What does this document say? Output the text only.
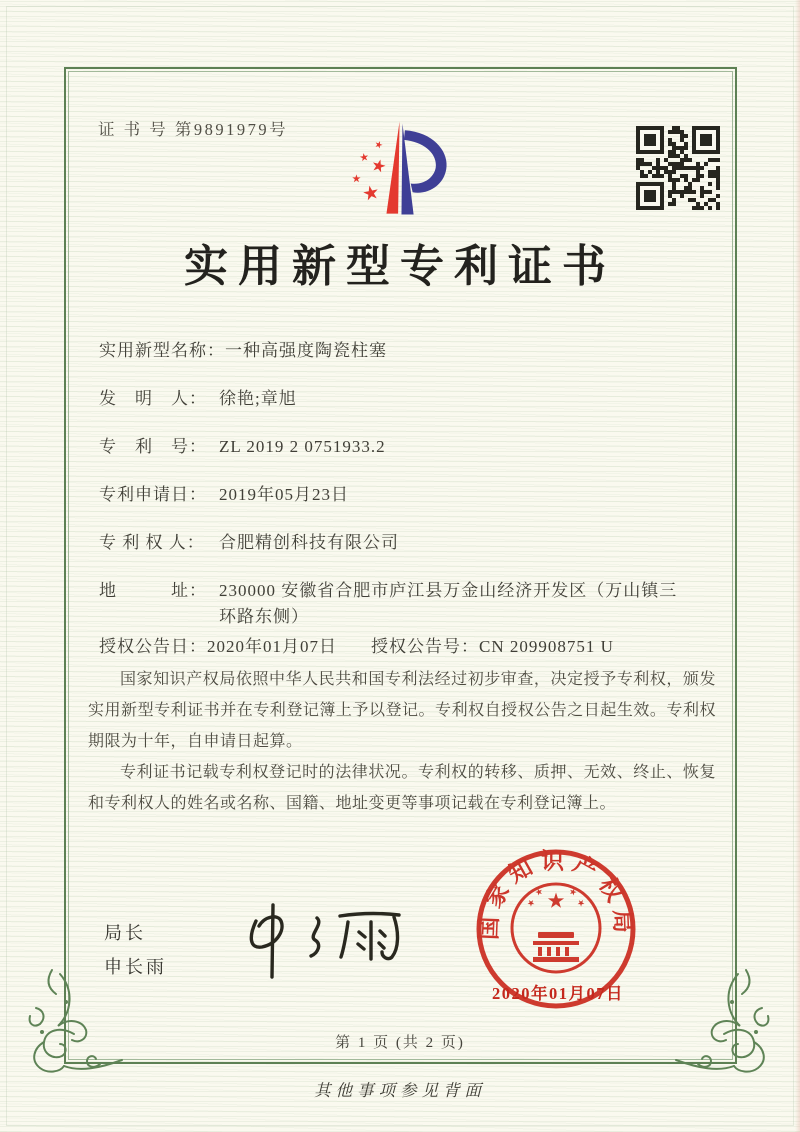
证 书 号 第9891979号
实用新型专利证书
实用新型名称： 一种高强度陶瓷柱塞
发　明　人： 徐艳;章旭
专　利　号： ZL 2019 2 0751933.2
专利申请日： 2019年05月23日
专 利 权 人： 合肥精创科技有限公司
地　　　址： 230000 安徽省合肥市庐江县万金山经济开发区（万山镇三环路东侧）
授权公告日：2020年01月07日	授权公告号：CN 209908751 U

国家知识产权局依照中华人民共和国专利法经过初步审查，决定授予专利权，颁发实用新型专利证书并在专利登记簿上予以登记。专利权自授权公告之日起生效。专利权期限为十年，自申请日起算。

专利证书记载专利权登记时的法律状况。专利权的转移、质押、无效、终止、恢复和专利权人的姓名或名称、国籍、地址变更等事项记载在专利登记簿上。

局长
申长雨
国家知识产权局
2020年01月07日
第 1 页 (共 2 页)
其他事项参见背面
